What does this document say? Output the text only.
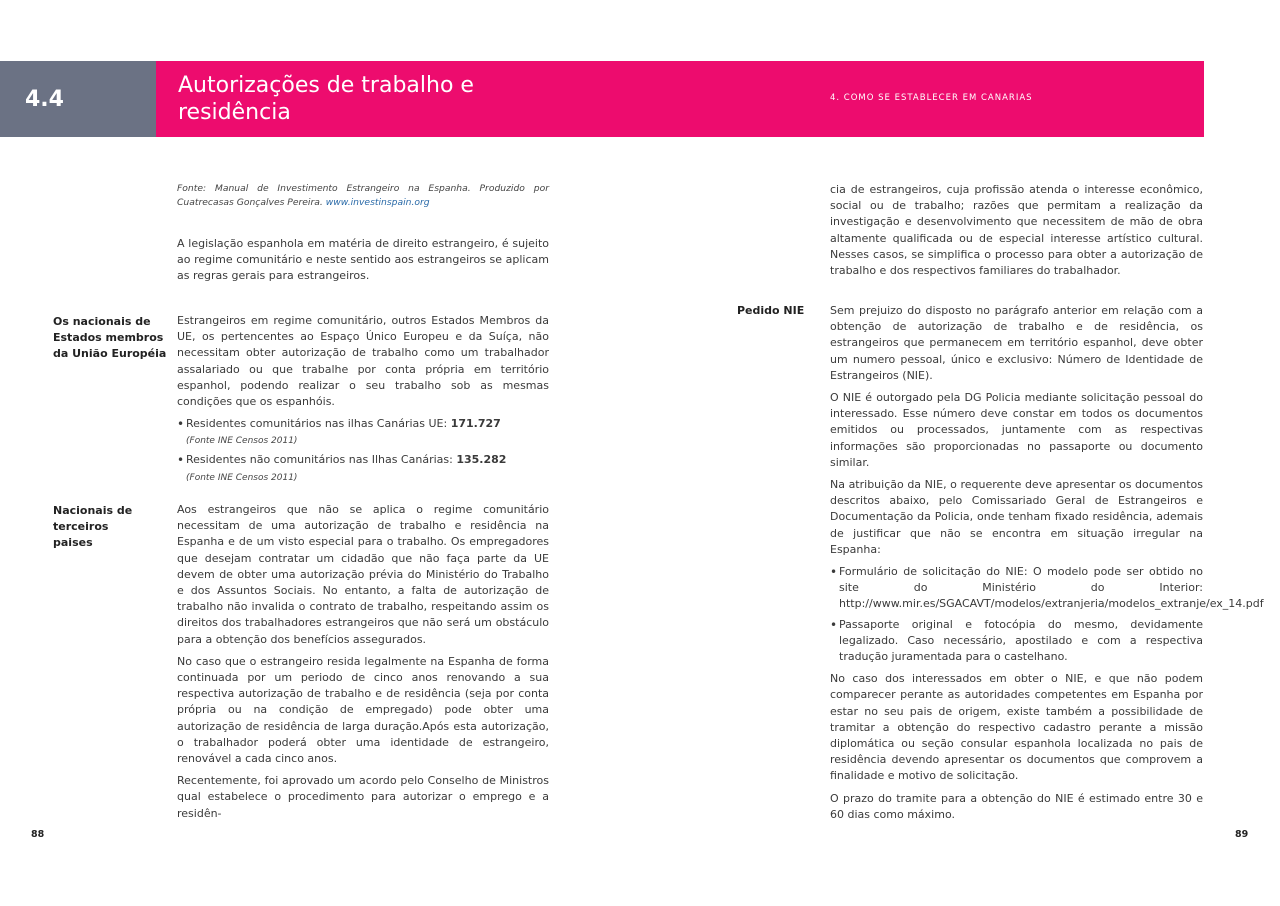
4.4
Autorizações de trabalho e residência
4. COMO SE ESTABLECER EM CANARIAS

Fonte: Manual de Investimento Estrangeiro na Espanha. Produzido por Cuatrecasas Gonçalves Pereira. www.investinspain.org

A legislação espanhola em matéria de direito estrangeiro, é sujeito ao regime comunitário e neste sentido aos estrangeiros se aplicam as regras gerais para estrangeiros.

Os nacionais de Estados membros da União Européia

Estrangeiros em regime comunitário, outros Estados Membros da UE, os pertencentes ao Espaço Único Europeu e da Suíça, não necessitam obter autorização de trabalho como um trabalhador assalariado ou que trabalhe por conta própria em território espanhol, podendo realizar o seu trabalho sob as mesmas condições que os espanhóis.

• Residentes comunitários nas ilhas Canárias UE: 171.727
(Fonte INE Censos 2011)
• Residentes não comunitários nas Ilhas Canárias: 135.282
(Fonte INE Censos 2011)
Nacionais de terceiros paises

Aos estrangeiros que não se aplica o regime comunitário necessitam de uma autorização de trabalho e residência na Espanha e de um visto especial para o trabalho. Os empregadores que desejam contratar um cidadão que não faça parte da UE devem de obter uma autorização prévia do Ministério do Trabalho e dos Assuntos Sociais. No entanto, a falta de autorização de trabalho não invalida o contrato de trabalho, respeitando assim os direitos dos trabalhadores estrangeiros que não será um obstáculo para a obtenção dos benefícios assegurados.

No caso que o estrangeiro resida legalmente na Espanha de forma continuada por um periodo de cinco anos renovando a sua respectiva autorização de trabalho e de residência (seja por conta própria ou na condição de empregado) pode obter uma autorização de residência de larga duração.Após esta autorização, o trabalhador poderá obter uma identidade de estrangeiro, renovável a cada cinco anos.

Recentemente, foi aprovado um acordo pelo Conselho de Ministros qual estabelece o procedimento para autorizar o emprego e a residên-

88

cia de estrangeiros, cuja profissão atenda o interesse econômico, social ou de trabalho; razões que permitam a realização da investigação e desenvolvimento que necessitem de mão de obra altamente qualificada ou de especial interesse artístico cultural. Nesses casos, se simplifica o processo para obter a autorização de trabalho e dos respectivos familiares do trabalhador.

Pedido NIE	Sem prejuizo do disposto no parágrafo anterior em relação com a obtenção de autorização de trabalho e de residência, os estrangeiros que permanecem em território espanhol, deve obter um numero pessoal, único e exclusivo: Número de Identidade de Estrangeiros (NIE).

O NIE é outorgado pela DG Policia mediante solicitação pessoal do interessado. Esse número deve constar em todos os documentos emitidos ou processados, juntamente com as respectivas informações são proporcionadas no passaporte ou documento similar.

Na atribuição da NIE, o requerente deve apresentar os documentos descritos abaixo, pelo Comissariado Geral de Estrangeiros e Documentação da Policia, onde tenham fixado residência, ademais de justificar que não se encontra em situação irregular na Espanha:

• Formulário de solicitação do NIE: O modelo pode ser obtido no site do Ministério do Interior: http://www.mir.es/SGACAVT/modelos/extranjeria/modelos_extranje/ex_14.pdf
• Passaporte original e fotocópia do mesmo, devidamente legalizado. Caso necessário, apostilado e com a respectiva tradução juramentada para o castelhano.

No caso dos interessados em obter o NIE, e que não podem comparecer perante as autoridades competentes em Espanha por estar no seu pais de origem, existe também a possibilidade de tramitar a obtenção do respectivo cadastro perante a missão diplomática ou seção consular espanhola localizada no pais de residência devendo apresentar os documentos que comprovem a finalidade e motivo de solicitação.

O prazo do tramite para a obtenção do NIE é estimado entre 30 e 60 dias como máximo.

89
